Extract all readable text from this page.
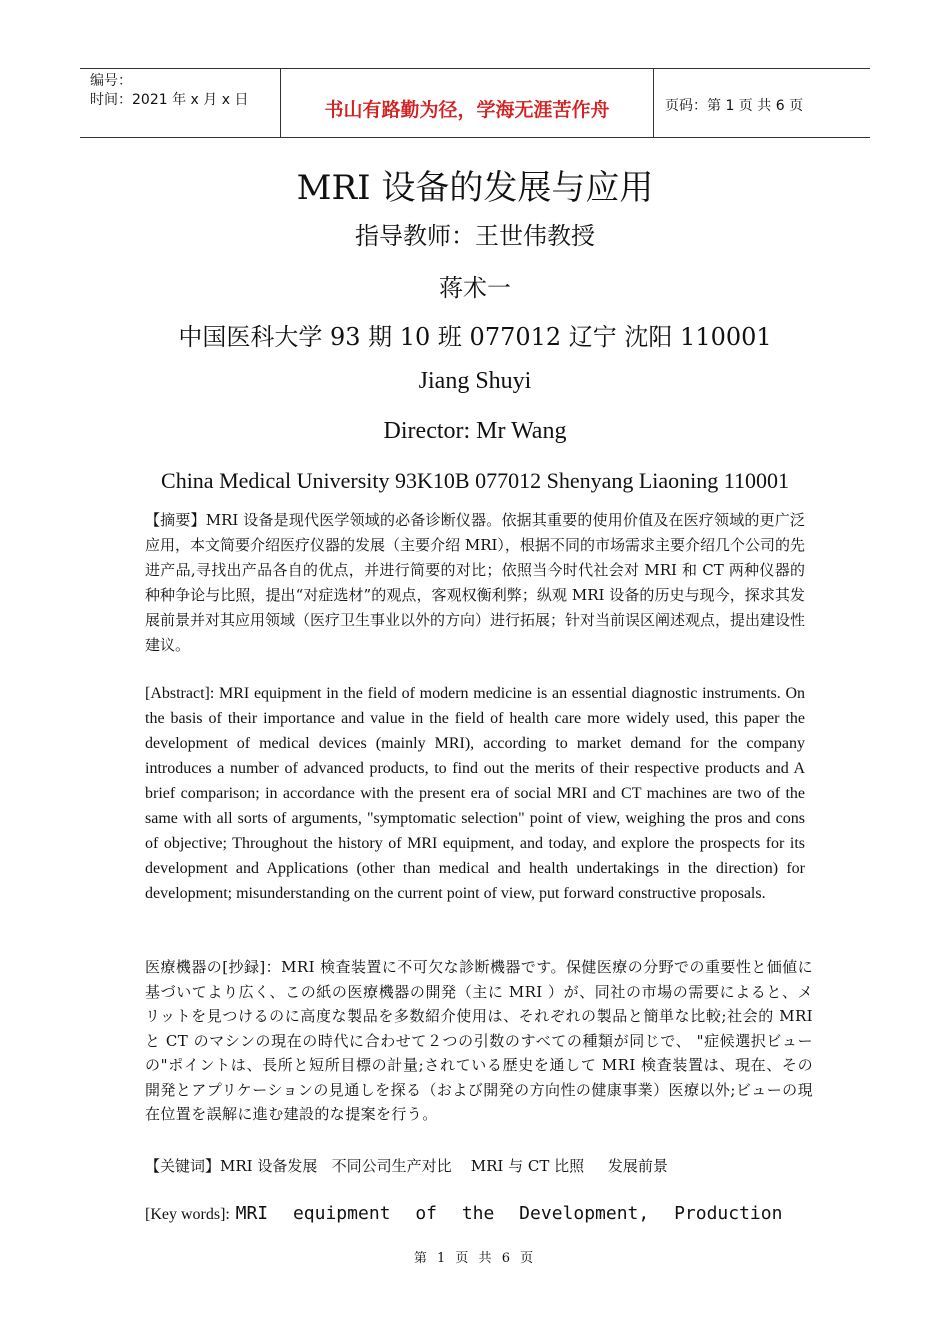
编号：
时间：2021 年 x 月 x 日	书山有路勤为径，学海无涯苦作舟	页码：第 1 页 共 6 页
MRI 设备的发展与应用
指导教师：王世伟教授
蒋术一
中国医科大学 93 期 10 班 077012 辽宁 沈阳 110001
Jiang Shuyi
Director: Mr Wang
China Medical University 93K10B 077012 Shenyang Liaoning 110001

【摘要】MRI 设备是现代医学领域的必备诊断仪器。依据其重要的使用价值及在医疗领域的更广泛应用，本文简要介绍医疗仪器的发展（主要介绍 MRI），根据不同的市场需求主要介绍几个公司的先进产品,寻找出产品各自的优点，并进行简要的对比；依照当今时代社会对 MRI 和 CT 两种仪器的种种争论与比照，提出“对症选材”的观点，客观权衡利弊；纵观 MRI 设备的历史与现今，探求其发展前景并对其应用领域（医疗卫生事业以外的方向）进行拓展；针对当前误区阐述观点，提出建设性建议。

[Abstract]: MRI equipment in the field of modern medicine is an essential diagnostic instruments. On the basis of their importance and value in the field of health care more widely used, this paper the development of medical devices (mainly MRI), according to market demand for the company introduces a number of advanced products, to find out the merits of their respective products and A brief comparison; in accordance with the present era of social MRI and CT machines are two of the same with all sorts of arguments, "symptomatic selection" point of view, weighing the pros and cons of objective; Throughout the history of MRI equipment, and today, and explore the prospects for its development and Applications (other than medical and health undertakings in the direction) for development; misunderstanding on the current point of view, put forward constructive proposals.

医療機器の[抄録]：MRI 検査装置に不可欠な診断機器です。保健医療の分野での重要性と価値に基づいてより広く、この紙の医療機器の開発（主に MRI ）が、同社の市場の需要によると、メリットを見つけるのに高度な製品を多数紹介使用は、それぞれの製品と簡単な比較;社会的 MRI と CT のマシンの現在の時代に合わせて２つの引数のすべての種類が同じで、 "症候選択ビューの"ポイントは、長所と短所目標の計量;されている歴史を通して MRI 検査装置は、現在、その開発とアプリケーションの見通しを探る（および開発の方向性の健康事業）医療以外;ビューの現在位置を誤解に進む建設的な提案を行う。

【关键词】MRI 设备发展   不同公司生产对比    MRI 与 CT 比照     发展前景
[Key words]: MRI equipment of the Development, Production
第 1 页 共 6 页
